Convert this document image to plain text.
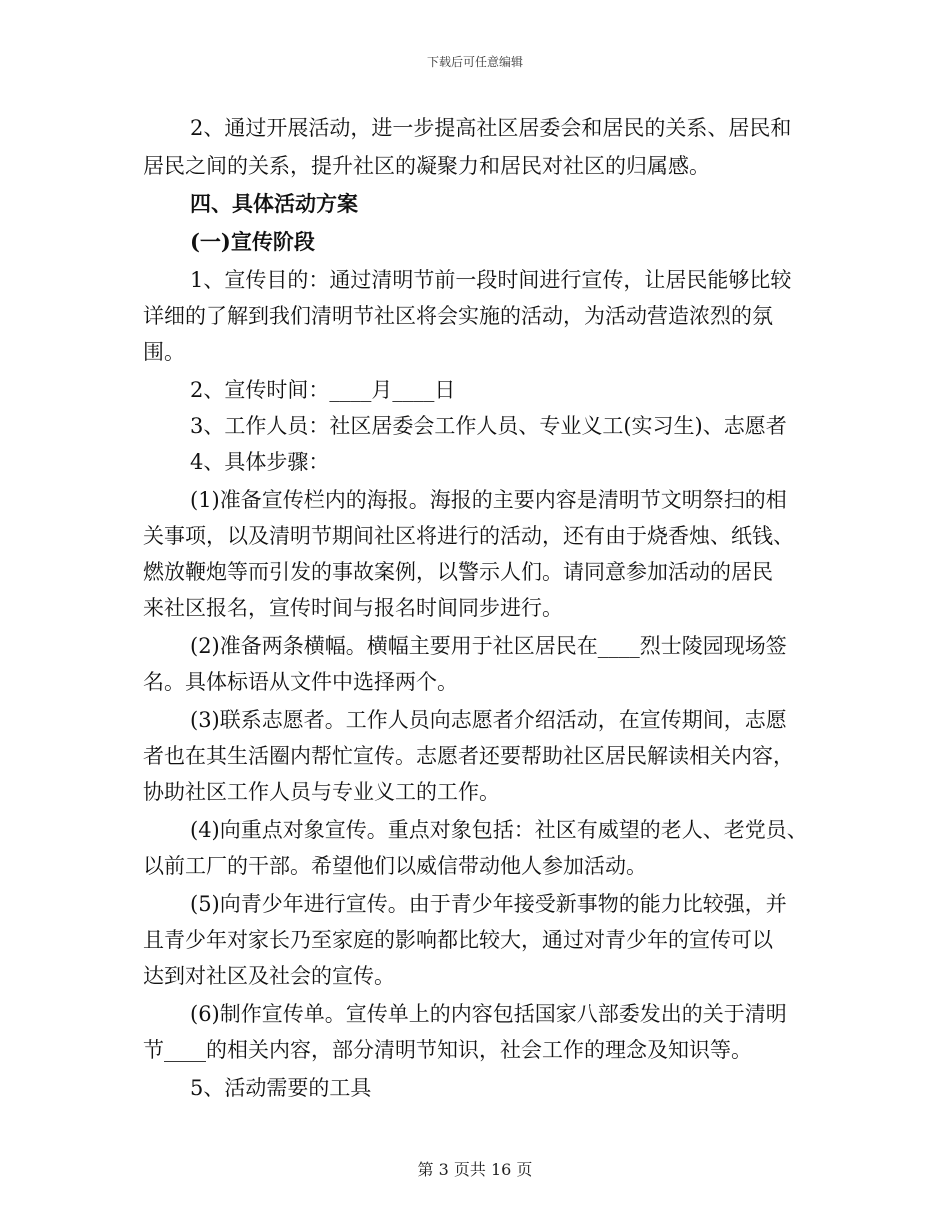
下载后可任意编辑
2、通过开展活动，进一步提高社区居委会和居民的关系、居民和
居民之间的关系，提升社区的凝聚力和居民对社区的归属感。
四、具体活动方案
(一)宣传阶段
1、宣传目的：通过清明节前一段时间进行宣传，让居民能够比较
详细的了解到我们清明节社区将会实施的活动，为活动营造浓烈的氛
围。
2、宣传时间：____月____日
3、工作人员：社区居委会工作人员、专业义工(实习生)、志愿者
4、具体步骤：
(1)准备宣传栏内的海报。海报的主要内容是清明节文明祭扫的相
关事项，以及清明节期间社区将进行的活动，还有由于烧香烛、纸钱、
燃放鞭炮等而引发的事故案例，以警示人们。请同意参加活动的居民
来社区报名，宣传时间与报名时间同步进行。
(2)准备两条横幅。横幅主要用于社区居民在____烈士陵园现场签
名。具体标语从文件中选择两个。
(3)联系志愿者。工作人员向志愿者介绍活动，在宣传期间，志愿
者也在其生活圈内帮忙宣传。志愿者还要帮助社区居民解读相关内容，
协助社区工作人员与专业义工的工作。
(4)向重点对象宣传。重点对象包括：社区有威望的老人、老党员、
以前工厂的干部。希望他们以威信带动他人参加活动。
(5)向青少年进行宣传。由于青少年接受新事物的能力比较强，并
且青少年对家长乃至家庭的影响都比较大，通过对青少年的宣传可以
达到对社区及社会的宣传。
(6)制作宣传单。宣传单上的内容包括国家八部委发出的关于清明
节____的相关内容，部分清明节知识，社会工作的理念及知识等。
5、活动需要的工具
第 3 页共 16 页
